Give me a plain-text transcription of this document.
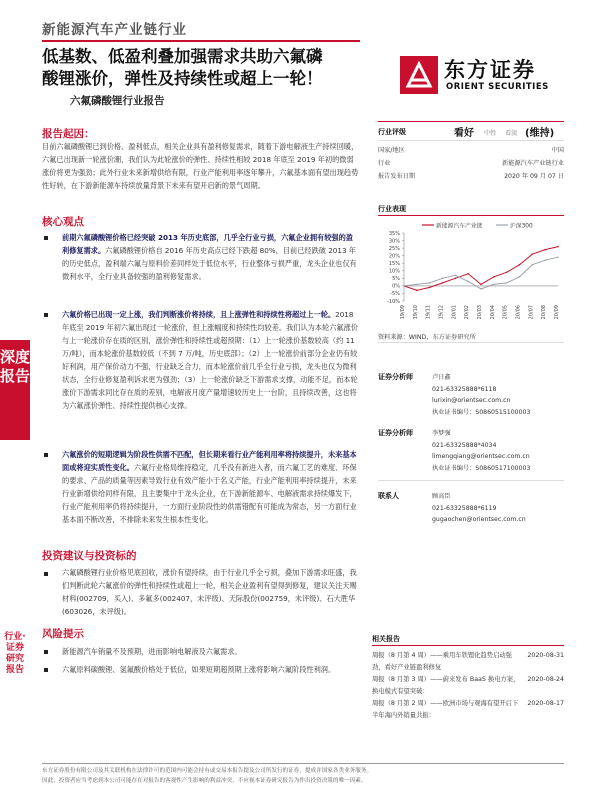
新能源汽车产业链行业
低基数、低盈利叠加强需求共助六氟磷
酸锂涨价，弹性及持续性或超上一轮！
六氟磷酸锂行业报告
东方证券
ORIENT SECURITIES
深度
报告
行业·证券研究报告
报告起因：
目前六氟磷酸锂已到价格、盈利低点，相关企业具有盈利修复需求，随着下游电解液生产持续回暖，六氟已出现新一轮涨价潮，我们认为此轮涨价的弹性、持续性相较 2018 年底至 2019 年初的微弱涨价将更为强劲；此外行业未来新增供给有限，行业产能利用率逐年攀升，六氟基本面有望出现趋势性好转，在下游新能源车持续放量背景下未来有望开启新的景气周期。
核心观点
前期六氟磷酸锂价格已经突破 2013 年历史底部，几乎全行业亏损，六氟企业拥有较强的盈利修复需求。六氟磷酸锂价格自 2016 年历史高点已经下跌超 80%，目前已经跌破 2013 年的历史低点，盈利端六氟与原料价差同样处于低位水平，行业整体亏损严重，龙头企业也仅有微利水平，全行业具备较强的盈利修复需求。
六氟价格已出现一定上涨，我们判断涨价将持续，且上涨弹性和持续性将超过上一轮。2018 年底至 2019 年初六氟出现过一轮涨价，但上涨幅度和持续性均较差。我们认为本轮六氟涨价与上一轮涨价存在质的区别，涨价弹性和持续性或超预期：（1）上一轮涨价基数较高（约 11 万/吨），而本轮涨价基数较低（不到 7 万/吨，历史底部）；（2）上一轮涨价前部分企业仍有较好利润，用产保价动力不强，行业缺乏合力，而本轮涨价前几乎全行业亏损，龙头也仅为微利状态，全行业修复盈利诉求更为强劲；（3）上一轮涨价缺乏下游需求支撑，动能不足，而本轮涨价下游需求同比存在质的差别，电解液月度产量增速较历史上一台阶，且持续改善，这也将为六氟涨价弹性、持续性提供核心支撑。
六氟涨价的短期逻辑为阶段性供需不匹配，但长期来看行业产能利用率将持续提升，未来基本面或将迎实质性变化。六氟行业格局维持稳定，几乎没有新进入者，而六氟工艺的难度、环保的要求、产品的质量等因素导致行业有效产能小于名义产能，行业产能利用率持续提升，未来行业新增供给同样有限，且主要集中于龙头企业，在下游新能源车、电解液需求持续爆发下，行业产能利用率仍将持续提升，一方面行业阶段性的供需错配有可能成为常态，另一方面行业基本面不断改善，不排除未来发生根本性变化。
投资建议与投资标的
六氟磷酸锂行业价格见底回收，涨价有望持续，由于行业几乎全亏损，叠加下游需求旺盛，我们判断此轮六氟涨价的弹性和持续性或超上一轮，相关企业盈利有望得到修复，建议关注天赐材料(002709，买入)、多氟多(002407，未评级)、天际股份(002759，未评级)、石大胜华(603026，未评级)。
风险提示
新能源汽车销量不及预期，进而影响电解液及六氟需求。
六氟原料碳酸锂、氢氟酸价格处于低位，如果短期超预期上涨将影响六氟阶段性利润。
行业评级	看好 中性 看淡 (维持)
国家/地区	中国
行业	新能源汽车产业链行业
报告发布日期	2020 年 09 月 07 日
行业表现
-10%
-5%
0%
5%
10%
15%
20%
25%
30%
35%
19/09 19/10 19/11 19/12 20/01 20/02 20/03 20/04 20/05 20/06 20/07 20/08 20/09
新能源汽车产业链	沪深300
资料来源：WIND，东方证券研究所
证券分析师	卢日鑫
021-63325888*6118
lurixin@orientsec.com.cn
执业证书编号：S0860515100003
证券分析师	李梦强
021-63325888*4034
limengqiang@orientsec.com.cn
执业证书编号：S0860517100003
联系人	顾高臣
021-63325888*6119
gugaochen@orientsec.com.cn
相关报告
周报（8 月第 4 周）——乘用车铁锂化趋势启动强劲，看好产业链盈利修复
2020-08-31
周报（8 月第 3 周）——蔚来发布 BaaS 换电方案，换电模式有望突破：
2020-08-24
周报（8 月第 2 周）——欧洲市场与观海有望开启下半年海内外销量共振：
2020-08-17
东方证券股份有限公司及其关联机构在法律许可的范围内可能会持有或交易本报告提及公司所发行的证券，提成并国家各类业务服务。
因此，投资者应当考虑到本公司可能存在对报告的客观性产生影响的利益冲突，不应视本证券研究报告为作出投资决策的唯一因素。
